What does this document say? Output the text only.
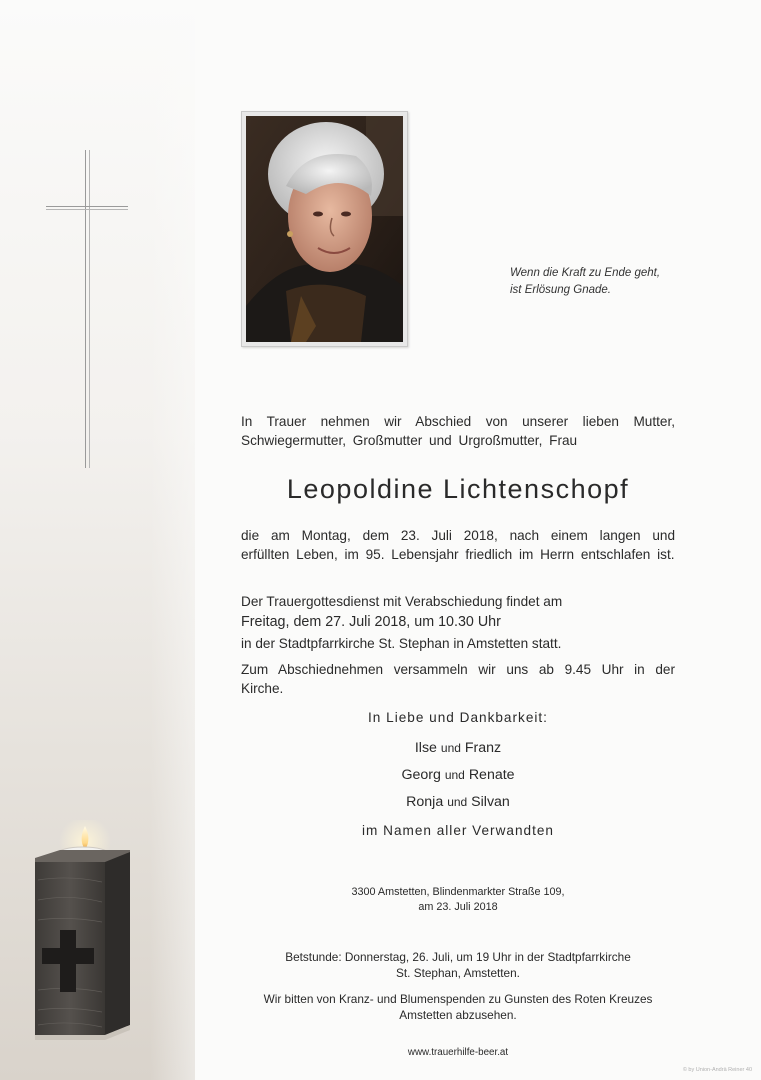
Wenn die Kraft zu Ende geht,
ist Erlösung Gnade.
In Trauer nehmen wir Abschied von unserer lieben Mutter, Schwiegermutter, Großmutter und Urgroßmutter, Frau
Leopoldine Lichtenschopf
die am Montag, dem 23. Juli 2018, nach einem langen und erfüllten Leben, im 95. Lebensjahr friedlich im Herrn entschlafen ist.
Der Trauergottesdienst mit Verabschiedung findet am
Freitag, dem 27. Juli 2018, um 10.30 Uhr
in der Stadtpfarrkirche St. Stephan in Amstetten statt.
Zum Abschiednehmen versammeln wir uns ab 9.45 Uhr in der Kirche.
In Liebe und Dankbarkeit:
Ilse und Franz
Georg und Renate
Ronja und Silvan
im Namen aller Verwandten
3300 Amstetten, Blindenmarkter Straße 109,
am 23. Juli 2018
Betstunde: Donnerstag, 26. Juli, um 19 Uhr in der Stadtpfarrkirche
St. Stephan, Amstetten.
Wir bitten von Kranz- und Blumenspenden zu Gunsten des Roten Kreuzes
Amstetten abzusehen.
www.trauerhilfe-beer.at
© by Union-Andrä Reiner 40
